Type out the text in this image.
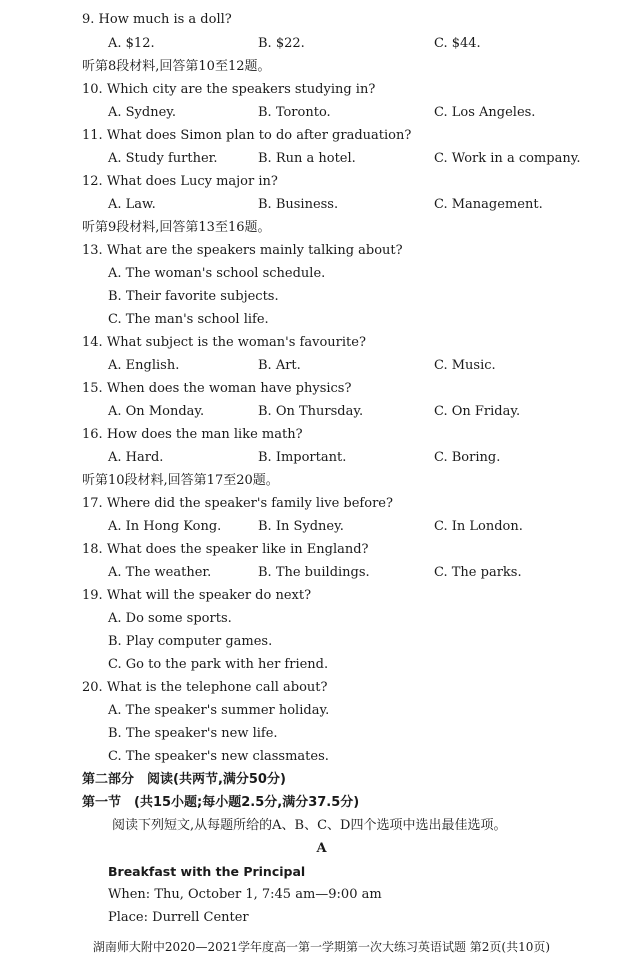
9. How much is a doll?
A. $12.	B. $22.	C. $44.
听第8段材料,回答第10至12题。
10. Which city are the speakers studying in?
A. Sydney.	B. Toronto.	C. Los Angeles.
11. What does Simon plan to do after graduation?
A. Study further.	B. Run a hotel.	C. Work in a company.
12. What does Lucy major in?
A. Law.	B. Business.	C. Management.
听第9段材料,回答第13至16题。
13. What are the speakers mainly talking about?
A. The woman's school schedule.
B. Their favorite subjects.
C. The man's school life.
14. What subject is the woman's favourite?
A. English.	B. Art.	C. Music.
15. When does the woman have physics?
A. On Monday.	B. On Thursday.	C. On Friday.
16. How does the man like math?
A. Hard.	B. Important.	C. Boring.
听第10段材料,回答第17至20题。
17. Where did the speaker's family live before?
A. In Hong Kong.	B. In Sydney.	C. In London.
18. What does the speaker like in England?
A. The weather.	B. The buildings.	C. The parks.
19. What will the speaker do next?
A. Do some sports.
B. Play computer games.
C. Go to the park with her friend.
20. What is the telephone call about?
A. The speaker's summer holiday.
B. The speaker's new life.
C. The speaker's new classmates.
第二部分　阅读(共两节,满分50分)
第一节　(共15小题;每小题2.5分,满分37.5分)
阅读下列短文,从每题所给的A、B、C、D四个选项中选出最佳选项。
A
Breakfast with the Principal
When: Thu, October 1, 7:45 am—9:00 am
Place: Durrell Center
湖南师大附中2020—2021学年度高一第一学期第一次大练习英语试题 第2页(共10页)
